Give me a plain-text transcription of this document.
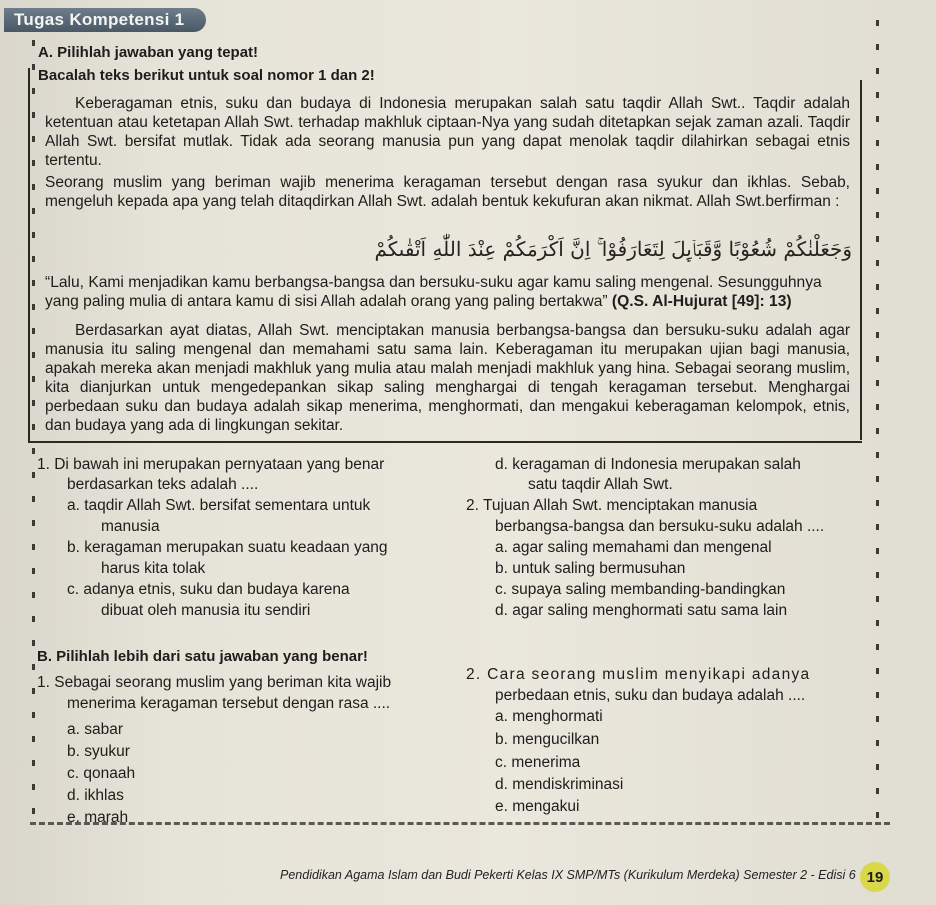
Tugas Kompetensi 1
A. Pilihlah jawaban yang tepat!
Bacalah teks berikut untuk soal nomor 1 dan 2!
Keberagaman etnis, suku dan budaya di Indonesia merupakan salah satu taqdir Allah Swt.. Taqdir adalah ketentuan atau ketetapan Allah Swt. terhadap makhluk ciptaan-Nya yang sudah ditetapkan sejak zaman azali. Taqdir Allah Swt. bersifat mutlak. Tidak ada seorang manusia pun yang dapat menolak taqdir dilahirkan sebagai etnis tertentu.
Seorang muslim yang beriman wajib menerima keragaman tersebut dengan rasa syukur dan ikhlas. Sebab, mengeluh kepada apa yang telah ditaqdirkan Allah Swt. adalah bentuk kekufuran akan nikmat. Allah Swt.berfirman :
وَجَعَلْنٰكُمْ شُعُوْبًا وَّقَبَاۤىِٕلَ لِتَعَارَفُوْا ۚ اِنَّ اَكْرَمَكُمْ عِنْدَ اللّٰهِ اَتْقٰىكُمْ
“Lalu, Kami menjadikan kamu berbangsa-bangsa dan bersuku-suku agar kamu saling mengenal. Sesungguhnya yang paling mulia di antara kamu di sisi Allah adalah orang yang paling bertakwa” (Q.S. Al-Hujurat [49]: 13)
Berdasarkan ayat diatas, Allah Swt. menciptakan manusia berbangsa-bangsa dan bersuku-suku adalah agar manusia itu saling mengenal dan memahami satu sama lain. Keberagaman itu merupakan ujian bagi manusia, apakah mereka akan menjadi makhluk yang mulia atau malah menjadi makhluk yang hina. Sebagai seorang muslim, kita dianjurkan untuk mengedepankan sikap saling menghargai di tengah keragaman tersebut. Menghargai perbedaan suku dan budaya adalah sikap menerima, menghormati, dan mengakui keberagaman kelompok, etnis, dan budaya yang ada di lingkungan sekitar.
1. Di bawah ini merupakan pernyataan yang benar
berdasarkan teks adalah ....
a. taqdir Allah Swt. bersifat sementara untuk
manusia
b. keragaman merupakan suatu keadaan yang
harus kita tolak
c. adanya etnis, suku dan budaya karena
dibuat oleh manusia itu sendiri
d. keragaman di Indonesia merupakan salah
satu taqdir Allah Swt.
2. Tujuan Allah Swt. menciptakan manusia
berbangsa-bangsa dan bersuku-suku adalah ....
a. agar saling memahami dan mengenal
b. untuk saling bermusuhan
c. supaya saling membanding-bandingkan
d. agar saling menghormati satu sama lain
B. Pilihlah lebih dari satu jawaban yang benar!
1. Sebagai seorang muslim yang beriman kita wajib
menerima keragaman tersebut dengan rasa ....
a. sabar
b. syukur
c. qonaah
d. ikhlas
e. marah
2. Cara seorang muslim menyikapi adanya
perbedaan etnis, suku dan budaya adalah ....
a. menghormati
b. mengucilkan
c. menerima
d. mendiskriminasi
e. mengakui
Pendidikan Agama Islam dan Budi Pekerti Kelas IX SMP/MTs (Kurikulum Merdeka) Semester 2 - Edisi 6 19
